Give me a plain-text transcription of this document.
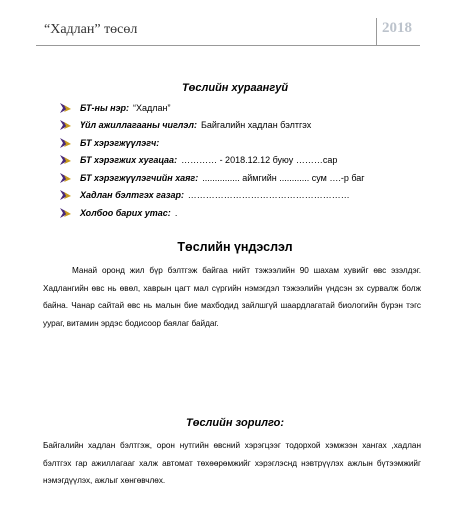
“Хадлан” төсөл	2018
Төслийн хураангуй
БТ-ны нэр: “Хадлан”
Үйл ажиллагааны чиглэл: Байгалийн хадлан бэлтгэх
БТ хэрэгжүүлэгч:
БТ хэрэгжих хугацаа: ………… - 2018.12.12 буюу ………сар
БТ хэрэгжүүлэгчийн хаяг: ............... аймгийн ............ сум ….-р баг
Хадлан бэлтгэх газар: ………………………………………………
Холбоо барих утас: .
Төслийн үндэслэл
Манай оронд жил бүр бэлтгэж байгаа нийт тэжээлийн 90 шахам хувийг өвс эзэлдэг. Хадлангийн өвс нь өвөл, хаврын цагт мал сүргийн нэмэгдэл тэжээлийн үндсэн эх сурвалж болж байна. Чанар сайтай өвс нь малын бие махбодид зайлшгүй шаардлагатай биологийн бүрэн тэгс уураг, витамин эрдэс бодисоор баялаг байдаг.
Төслийн зорилго:
Байгалийн хадлан бэлтгэж, орон нутгийн өвсний хэрэгцээг тодорхой хэмжээн хангах ,хадлан бэлтгэх гар ажиллагааг халж автомат төхөөрөмжийг хэрэглэснд нэвтрүүлэх ажлын бүтээмжийг нэмэгдүүлэх, ажлыг хөнгөвчлөх.
